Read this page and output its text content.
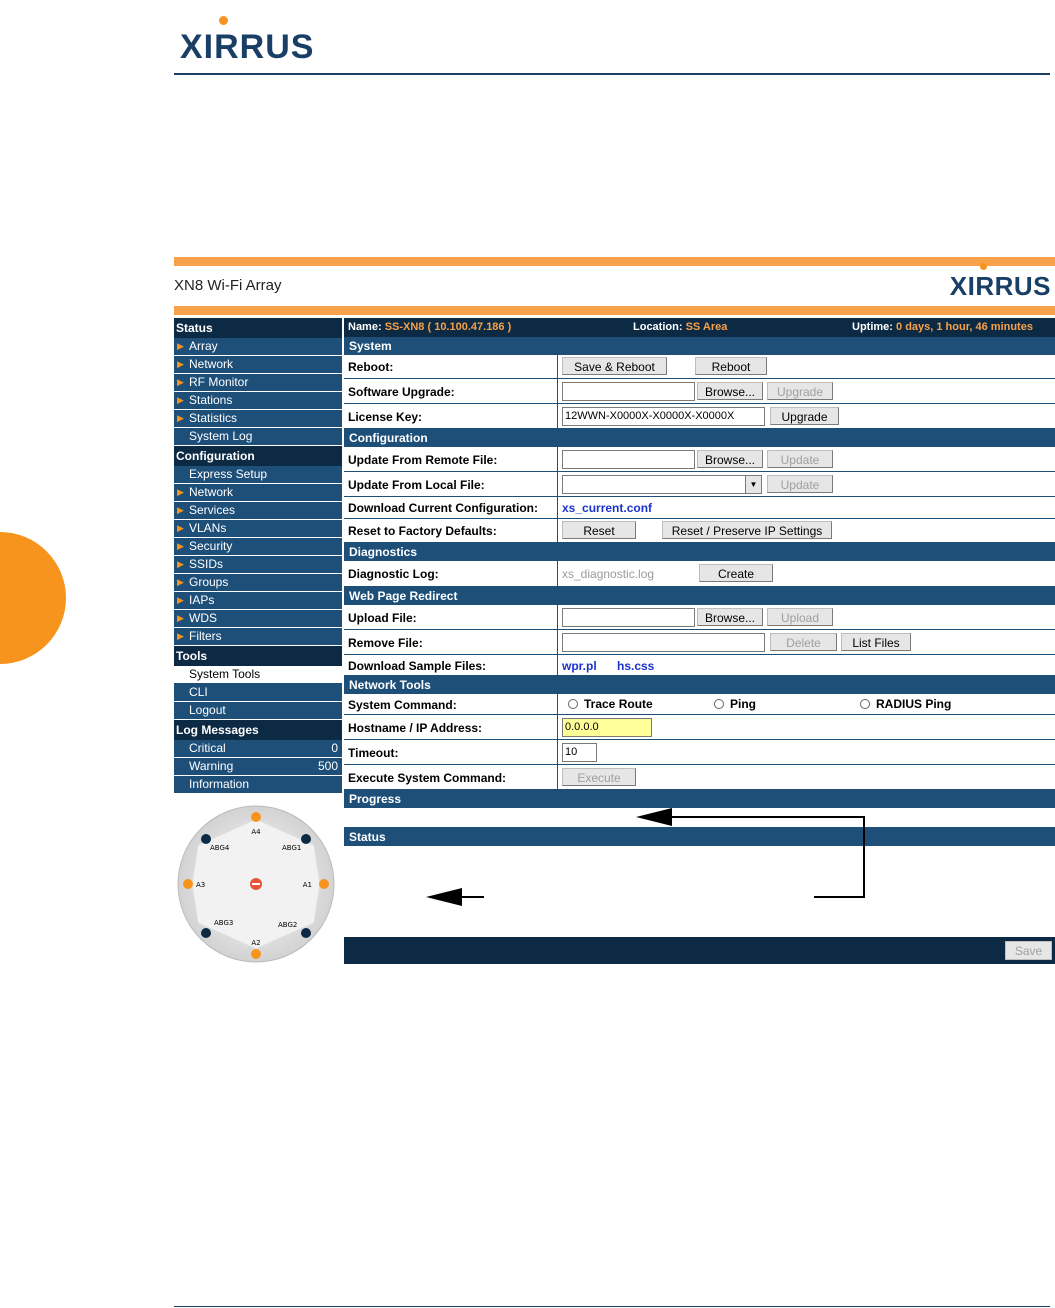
XIRRUS
XN8 Wi-Fi Array	XIRRUS
Status
▶ Array
▶ Network
▶ RF Monitor
▶ Stations
▶ Statistics
System Log
Configuration
Express Setup
▶ Network
▶ Services
▶ VLANs
▶ Security
▶ SSIDs
▶ Groups
▶ IAPs
▶ WDS
▶ Filters
Tools
System Tools
CLI
Logout
Log Messages
Critical	0
Warning	500
Information
A4
A1
A2
A3
ABG1
ABG2
ABG3
ABG4
Name: SS-XN8 ( 10.100.47.186 )	Location: SS Area	Uptime: 0 days, 1 hour, 46 minutes
System
Reboot:	Save & Reboot	Reboot
Software Upgrade:	Browse...	Upgrade
License Key:	12WWN-X0000X-X0000X-X0000X	Upgrade
Configuration
Update From Remote File:	Browse...	Update
Update From Local File:	▼	Update
Download Current Configuration: xs_current.conf
Reset to Factory Defaults:	Reset	Reset / Preserve IP Settings
Diagnostics
Diagnostic Log:	xs_diagnostic.log	Create
Web Page Redirect
Upload File:	Browse...	Upload
Remove File:	Delete	List Files
Download Sample Files:	wpr.pl hs.css
Network Tools
System Command:	Trace Route	Ping	RADIUS Ping
Hostname / IP Address:	0.0.0.0
Timeout:	10
Execute System Command:	Execute
Progress
Status
Save
